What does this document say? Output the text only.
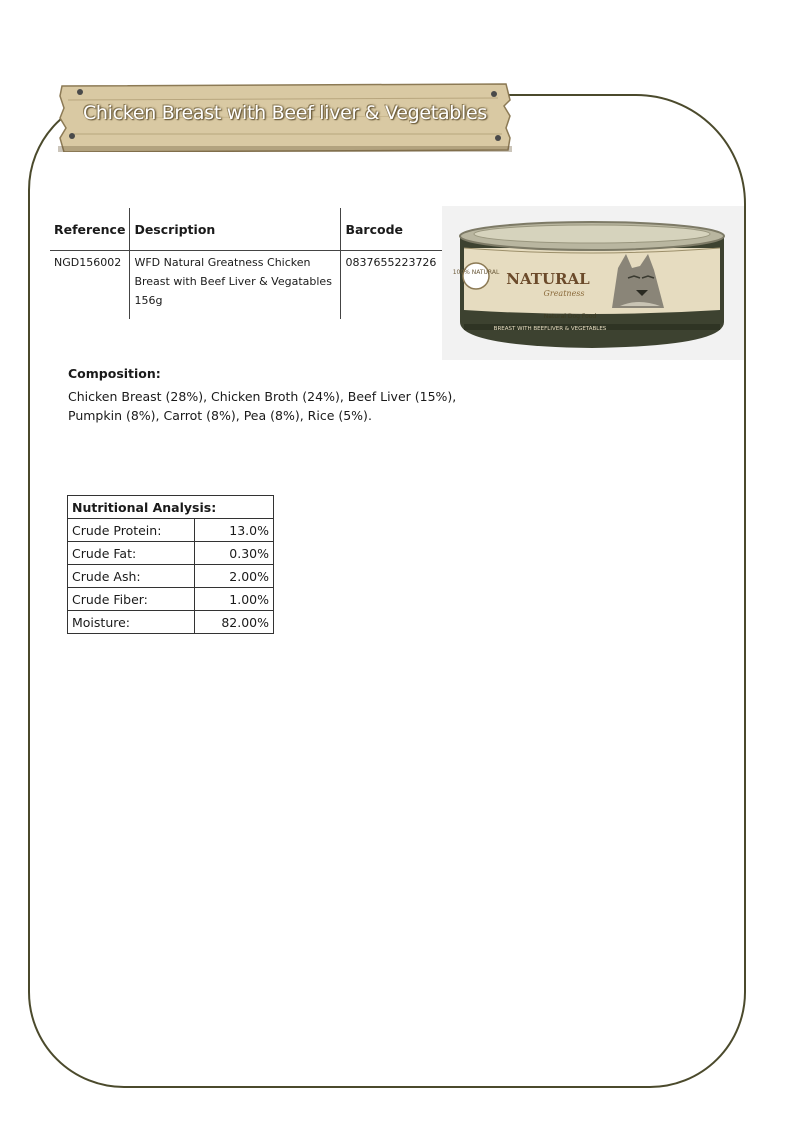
Chicken Breast with Beef liver & Vegetables
Reference	Description	Barcode
NGD156002	WFD Natural Greatness Chicken Breast with Beef Liver & Vegatables 156g	0837655223726
100% NATURAL NATURAL
Greatness
Natural Dog Food
BREAST WITH BEEFLIVER & VEGETABLES
Composition:
Chicken Breast (28%), Chicken Broth (24%), Beef Liver (15%), Pumpkin (8%), Carrot (8%), Pea (8%), Rice (5%).
Nutritional Analysis:	
Crude Protein:	13.0%
Crude Fat:	0.30%
Crude Ash:	2.00%
Crude Fiber:	1.00%
Moisture:	82.00%
